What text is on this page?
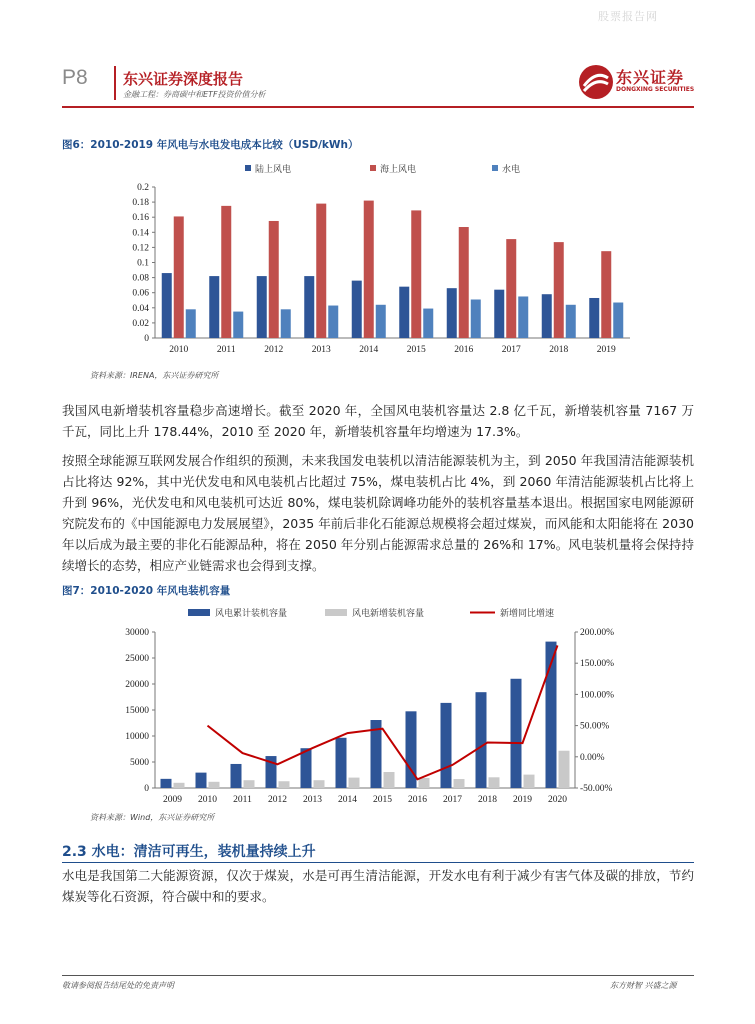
股票报告网
P8 东兴证券深度报告
金融工程：券商碳中和ETF投资价值分析
东兴证券
DONGXING SECURITIES
图6：2010-2019 年风电与水电发电成本比较（USD/kWh）
陆上风电	海上风电	水电
0
0.02
0.04
0.06
0.08
0.1
0.12
0.14
0.16
0.18
0.2
2010	2011	2012	2013	2014	2015	2016	2017	2018	2019
资料来源：IRENA，东兴证券研究所
我国风电新增装机容量稳步高速增长。截至 2020 年，全国风电装机容量达 2.8 亿千瓦，新增装机容量 7167 万千瓦，同比上升 178.44%，2010 至 2020 年，新增装机容量年均增速为 17.3%。
按照全球能源互联网发展合作组织的预测，未来我国发电装机以清洁能源装机为主，到 2050 年我国清洁能源装机占比将达 92%，其中光伏发电和风电装机占比超过 75%，煤电装机占比 4%，到 2060 年清洁能源装机占比将上升到 96%，光伏发电和风电装机可达近 80%，煤电装机除调峰功能外的装机容量基本退出。根据国家电网能源研究院发布的《中国能源电力发展展望》，2035 年前后非化石能源总规模将会超过煤炭，而风能和太阳能将在 2030 年以后成为最主要的非化石能源品种，将在 2050 年分别占能源需求总量的 26%和 17%。风电装机量将会保持持续增长的态势，相应产业链需求也会得到支撑。
图7：2010-2020 年风电装机容量
风电累计装机容量	风电新增装机容量	新增同比增速
0
5000
10000
15000
20000
25000
30000
-50.00%
0.00%
50.00%
100.00%
150.00%
200.00%
2009 2010 2011 2012 2013 2014 2015 2016 2017 2018 2019 2020
资料来源：Wind，东兴证券研究所
2.3 水电：清洁可再生，装机量持续上升
水电是我国第二大能源资源，仅次于煤炭，水是可再生清洁能源，开发水电有利于减少有害气体及碳的排放，节约煤炭等化石资源，符合碳中和的要求。
敬请参阅报告结尾处的免责声明	东方财智 兴盛之源
